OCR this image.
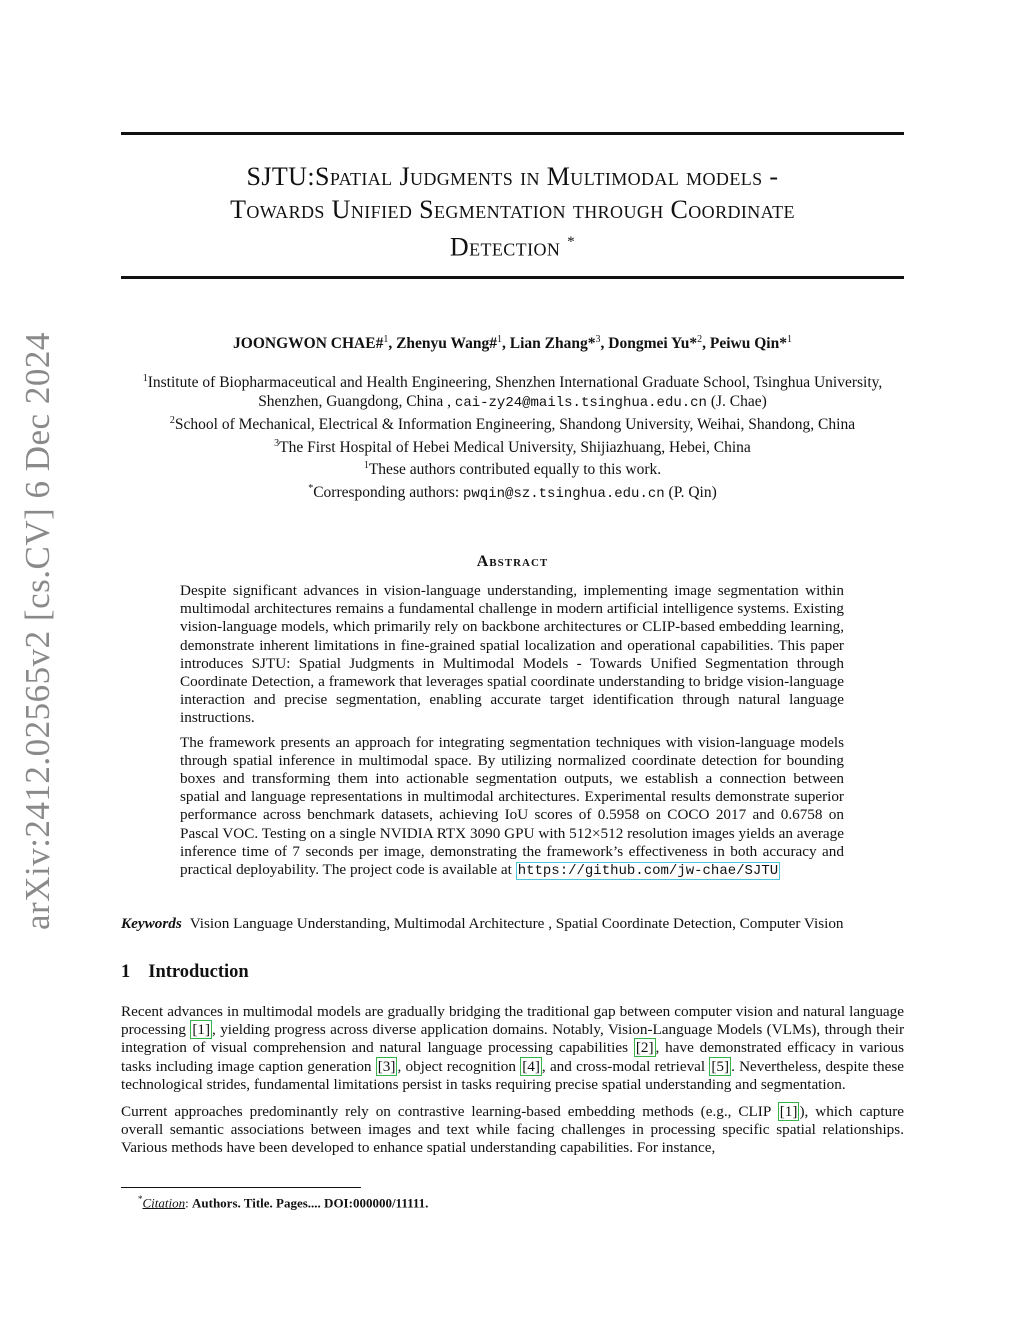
arXiv:2412.02565v2 [cs.CV] 6 Dec 2024
SJTU:Spatial Judgments in Multimodal models -
Towards Unified Segmentation through Coordinate
Detection *
JOONGWON CHAE#$^1$, Zhenyu Wang#$^1$, Lian Zhang*$^3$, Dongmei Yu*$^2$, Peiwu Qin*$^1$
$^1$Institute of Biopharmaceutical and Health Engineering, Shenzhen International Graduate School, Tsinghua University,
Shenzhen, Guangdong, China , cai-zy24@mails.tsinghua.edu.cn (J. Chae)
$^2$School of Mechanical, Electrical & Information Engineering, Shandong University, Weihai, Shandong, China
$^3$The First Hospital of Hebei Medical University, Shijiazhuang, Hebei, China
$^1$These authors contributed equally to this work.
*Corresponding authors: pwqin@sz.tsinghua.edu.cn (P. Qin)
Abstract

Despite significant advances in vision-language understanding, implementing image segmentation within multimodal architectures remains a fundamental challenge in modern artificial intelligence systems. Existing vision-language models, which primarily rely on backbone architectures or CLIP-based embedding learning, demonstrate inherent limitations in fine-grained spatial localization and operational capabilities. This paper introduces SJTU: Spatial Judgments in Multimodal Models - Towards Unified Segmentation through Coordinate Detection, a framework that leverages spatial coordinate understanding to bridge vision-language interaction and precise segmentation, enabling accurate target identification through natural language instructions.

The framework presents an approach for integrating segmentation techniques with vision-language models through spatial inference in multimodal space. By utilizing normalized coordinate detection for bounding boxes and transforming them into actionable segmentation outputs, we establish a connection between spatial and language representations in multimodal architectures. Experimental results demonstrate superior performance across benchmark datasets, achieving IoU scores of 0.5958 on COCO 2017 and 0.6758 on Pascal VOC. Testing on a single NVIDIA RTX 3090 GPU with 512×512 resolution images yields an average inference time of 7 seconds per image, demonstrating the framework’s effectiveness in both accuracy and practical deployability. The project code is available at https://github.com/jw-chae/SJTU

Keywords Vision Language Understanding, Multimodal Architecture , Spatial Coordinate Detection, Computer Vision
1 Introduction

Recent advances in multimodal models are gradually bridging the traditional gap between computer vision and natural language processing [1] , yielding progress across diverse application domains. Notably, Vision-Language Models (VLMs), through their integration of visual comprehension and natural language processing capabilities [2] , have demonstrated efficacy in various tasks including image caption generation [3] , object recognition [4] , and cross-modal retrieval [5] . Nevertheless, despite these technological strides, fundamental limitations persist in tasks requiring precise spatial understanding and segmentation.

Current approaches predominantly rely on contrastive learning-based embedding methods (e.g., CLIP [1] ), which capture overall semantic associations between images and text while facing challenges in processing specific spatial relationships. Various methods have been developed to enhance spatial understanding capabilities. For instance,

*Citation: Authors. Title. Pages.... DOI:000000/11111.
